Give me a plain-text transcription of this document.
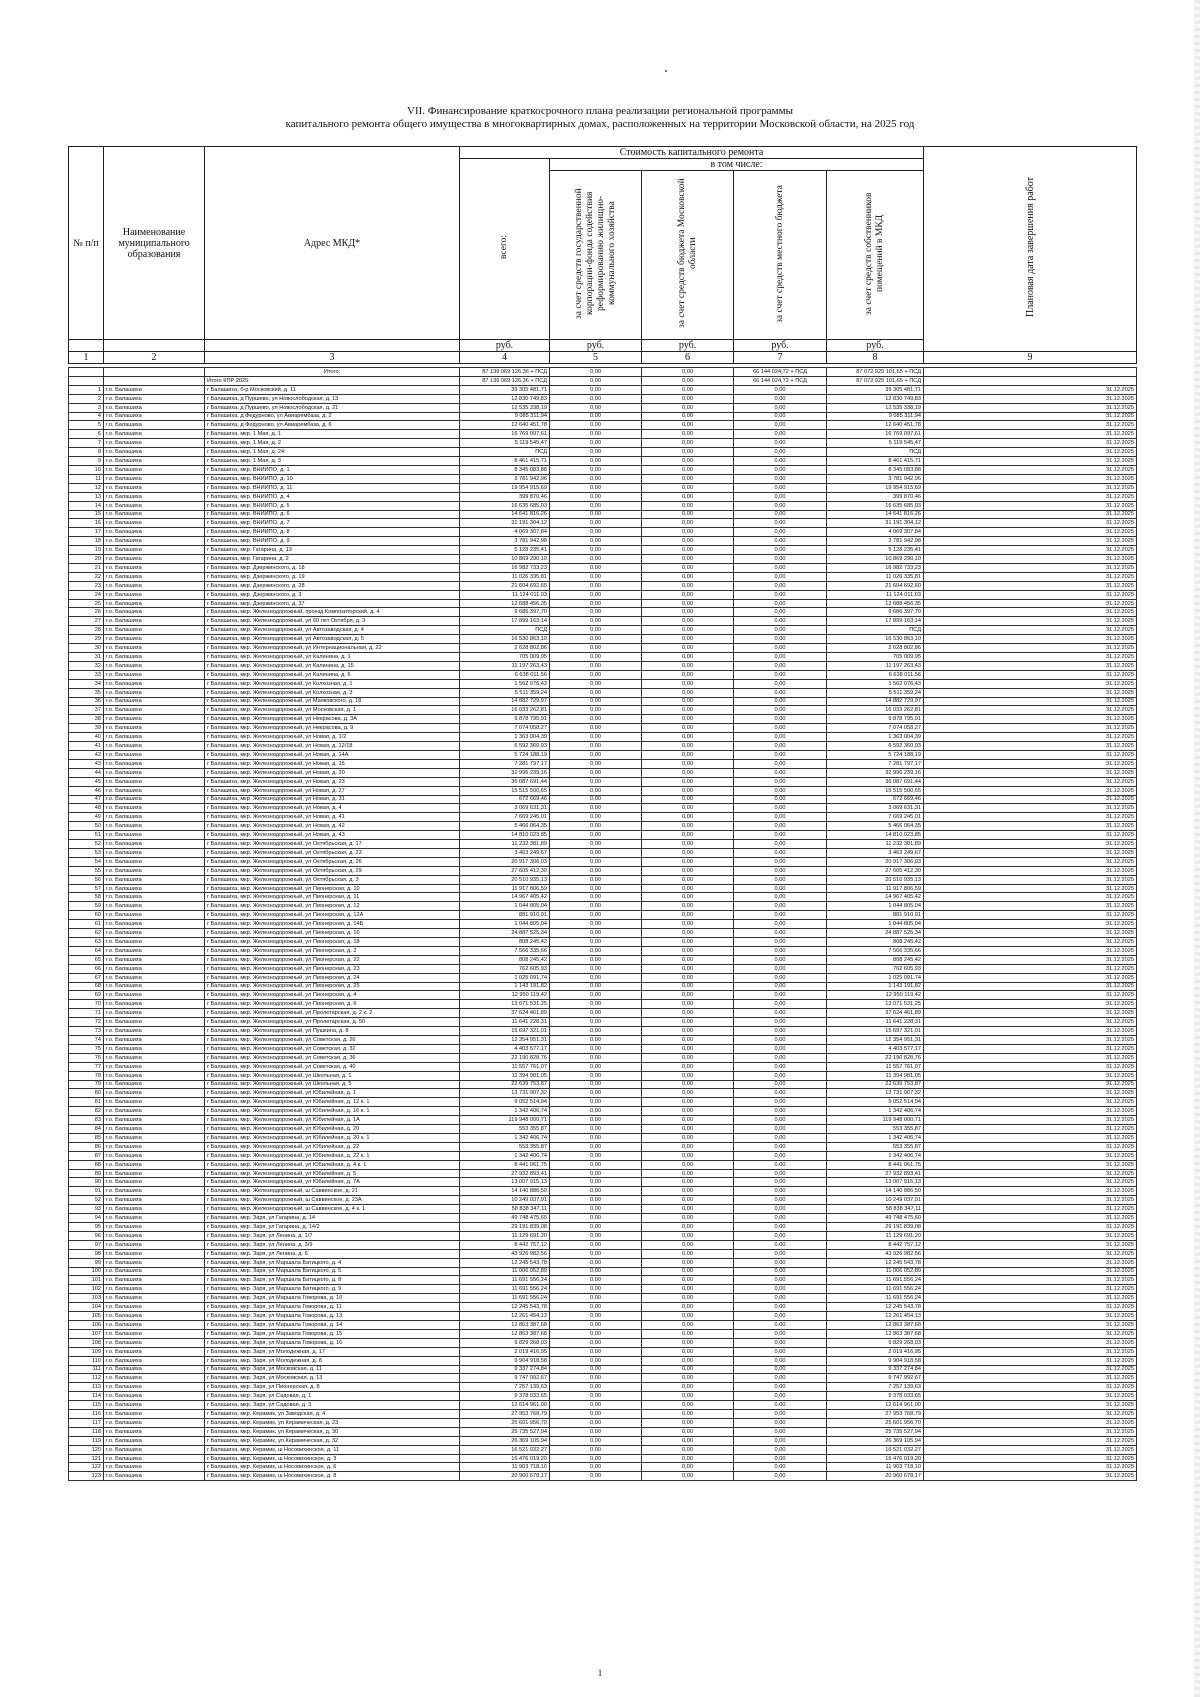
VII. Финансирование краткосрочного плана реализации региональной программы
капитального ремонта общего имущества в многоквартирных домах, расположенных на территории Московской области, на 2025 год
№ п/п	Наименование муниципального образования	Адрес МКД*	Стоимость капитального ремонта					Плановая дата завершения работ
			всего:	в том числе:				
				за счет средств государственной корпорации-фонда содействия реформированию жилищно-коммунального хозяйства	за счет средств бюджета Московской области	за счет средств местного бюджета	за счет средств собственников помещений в МКД	
			руб.	руб.	руб.	руб.	руб.	
1	2	3	4	5	6	7	8	9
		Итого:	87 139 069 126,36 + ПСД	0,00	0,00	66 144 024,72 + ПСД	87 072 925 101,65 + ПСД	
		Итого КПР 2025:	87 139 069 126,36 + ПСД	0,00	0,00	66 144 024,72 + ПСД	87 072 925 101,65 + ПСД	
1	г.о. Балашиха	г Балашиха, б-р Московский, д. 11	39 305 481,71	0,00	0,00	0,00	39 305 481,71	31.12.2025
2	г.о. Балашиха	г Балашиха, д Пуршево, ул Новослободская, д. 13	12 830 749,83	0,00	0,00	0,00	12 830 749,83	31.12.2025
3	г.о. Балашиха	г Балашиха, д Пуршево, ул Новослободская, д. 21	12 535 338,19	0,00	0,00	0,00	12 535 338,19	31.12.2025
4	г.о. Балашиха	г Балашиха, д Федурново, ул Авиарембаза, д. 2	9 085 311,94	0,00	0,00	0,00	9 085 311,94	31.12.2025
5	г.о. Балашиха	г Балашиха, д Федурново, ул Авиарембаза, д. 6	12 640 451,78	0,00	0,00	0,00	12 640 451,78	31.12.2025
6	г.о. Балашиха	г Балашиха, мкр. 1 Мая, д. 1	16 769 097,61	0,00	0,00	0,00	16 769 097,61	31.12.2025
7	г.о. Балашиха	г Балашиха, мкр. 1 Мая, д. 2	5 119 545,47	0,00	0,00	0,00	5 119 545,47	31.12.2025
8	г.о. Балашиха	г Балашиха, мкр. 1 Мая, д. 24	ПСД	0,00	0,00	0,00	ПСД	31.12.2025
9	г.о. Балашиха	г Балашиха, мкр. 1 Мая, д. 3	8 461 415,71	0,00	0,00	0,00	8 461 415,71	31.12.2025
10	г.о. Балашиха	г Балашиха, мкр. ВНИИПО, д. 1	8 345 083,88	0,00	0,00	0,00	8 345 083,88	31.12.2025
11	г.о. Балашиха	г Балашиха, мкр. ВНИИПО, д. 10	3 781 942,96	0,00	0,00	0,00	3 781 942,96	31.12.2025
12	г.о. Балашиха	г Балашиха, мкр. ВНИИПО, д. 11	19 954 915,69	0,00	0,00	0,00	19 954 915,69	31.12.2025
13	г.о. Балашиха	г Балашиха, мкр. ВНИИПО, д. 4	399 870,46	0,00	0,00	0,00	399 870,46	31.12.2025
14	г.о. Балашиха	г Балашиха, мкр. ВНИИПО, д. 5	16 635 685,03	0,00	0,00	0,00	16 635 685,03	31.12.2025
15	г.о. Балашиха	г Балашиха, мкр. ВНИИПО, д. 6	14 641 816,26	0,00	0,00	0,00	14 641 816,26	31.12.2025
16	г.о. Балашиха	г Балашиха, мкр. ВНИИПО, д. 7	31 191 304,12	0,00	0,00	0,00	31 191 304,12	31.12.2025
17	г.о. Балашиха	г Балашиха, мкр. ВНИИПО, д. 8	4 069 307,84	0,00	0,00	0,00	4 069 307,84	31.12.2025
18	г.о. Балашиха	г Балашиха, мкр. ВНИИПО, д. 9	3 781 942,98	0,00	0,00	0,00	3 781 942,98	31.12.2025
19	г.о. Балашиха	г Балашиха, мкр. Гагарина, д. 13	5 128 235,41	0,00	0,00	0,00	5 128 235,41	31.12.2025
20	г.о. Балашиха	г Балашиха, мкр. Гагарина, д. 2	10 869 290,10	0,00	0,00	0,00	10 869 290,10	31.12.2025
21	г.о. Балашиха	г Балашиха, мкр. Дзержинского, д. 18	16 982 733,23	0,00	0,00	0,00	16 982 733,23	31.12.2025
22	г.о. Балашиха	г Балашиха, мкр. Дзержинского, д. 19	11 026 335,81	0,00	0,00	0,00	11 026 335,81	31.12.2025
23	г.о. Балашиха	г Балашиха, мкр. Дзержинского, д. 28	21 604 692,60	0,00	0,00	0,00	21 604 692,60	31.12.2025
24	г.о. Балашиха	г Балашиха, мкр. Дзержинского, д. 3	11 124 011,03	0,00	0,00	0,00	11 124 011,03	31.12.2025
25	г.о. Балашиха	г Балашиха, мкр. Дзержинского, д. 37	12 688 456,35	0,00	0,00	0,00	12 688 456,35	31.12.2025
26	г.о. Балашиха	г Балашиха, мкр. Железнодорожный, проезд Композиторский, д. 4	9 686 397,70	0,00	0,00	0,00	9 686 397,70	31.12.2025
27	г.о. Балашиха	г Балашиха, мкр. Железнодорожный, ул 60 лет Октября, д. 3	17 899 163,14	0,00	0,00	0,00	17 899 163,14	31.12.2025
28	г.о. Балашиха	г Балашиха, мкр. Железнодорожный, ул Автозаводская, д. 4	ПСД	0,00	0,00	0,00	ПСД	31.12.2025
29	г.о. Балашиха	г Балашиха, мкр. Железнодорожный, ул Автозаводская, д. 5	16 530 863,10	0,00	0,00	0,00	16 530 863,10	31.12.2025
30	г.о. Балашиха	г Балашиха, мкр. Железнодорожный, ул Интернациональная, д. 22	2 628 802,86	0,00	0,00	0,00	2 628 802,86	31.12.2025
31	г.о. Балашиха	г Балашиха, мкр. Железнодорожный, ул Калинина, д. 1	705 009,95	0,00	0,00	0,00	705 009,95	31.12.2025
32	г.о. Балашиха	г Балашиха, мкр. Железнодорожный, ул Калинина, д. 15	11 197 263,43	0,00	0,00	0,00	11 197 263,43	31.12.2025
33	г.о. Балашиха	г Балашиха, мкр. Железнодорожный, ул Калинина, д. 6	6 638 011,56	0,00	0,00	0,00	6 638 011,56	31.12.2025
34	г.о. Балашиха	г Балашиха, мкр. Железнодорожный, ул Колхозная, д. 1	1 562 076,43	0,00	0,00	0,00	1 562 076,43	31.12.2025
35	г.о. Балашиха	г Балашиха, мкр. Железнодорожный, ул Колхозная, д. 3	5 511 359,24	0,00	0,00	0,00	5 511 359,24	31.12.2025
36	г.о. Балашиха	г Балашиха, мкр. Железнодорожный, ул Маяковского, д. 18	14 882 729,97	0,00	0,00	0,00	14 882 729,97	31.12.2025
37	г.о. Балашиха	г Балашиха, мкр. Железнодорожный, ул Московская, д. 1	16 033 262,81	0,00	0,00	0,00	16 033 262,81	31.12.2025
38	г.о. Балашиха	г Балашиха, мкр. Железнодорожный, ул Некрасова, д. 3А	9 878 795,91	0,00	0,00	0,00	9 878 795,91	31.12.2025
39	г.о. Балашиха	г Балашиха, мкр. Железнодорожный, ул Некрасова, д. 9	7 074 058,27	0,00	0,00	0,00	7 074 058,27	31.12.2025
40	г.о. Балашиха	г Балашиха, мкр. Железнодорожный, ул Новая, д. 1/2	1 363 004,39	0,00	0,00	0,00	1 363 004,39	31.12.2025
41	г.о. Балашиха	г Балашиха, мкр. Железнодорожный, ул Новая, д. 12/18	6 592 360,93	0,00	0,00	0,00	6 592 360,93	31.12.2025
42	г.о. Балашиха	г Балашиха, мкр. Железнодорожный, ул Новая, д. 14А	5 724 188,19	0,00	0,00	0,00	5 724 188,19	31.12.2025
43	г.о. Балашиха	г Балашиха, мкр. Железнодорожный, ул Новая, д. 15	7 281 797,17	0,00	0,00	0,00	7 281 797,17	31.12.2025
44	г.о. Балашиха	г Балашиха, мкр. Железнодорожный, ул Новая, д. 20	32 996 239,16	0,00	0,00	0,00	32 996 239,16	31.12.2025
45	г.о. Балашиха	г Балашиха, мкр. Железнодорожный, ул Новая, д. 23	36 087 691,44	0,00	0,00	0,00	36 087 691,44	31.12.2025
46	г.о. Балашиха	г Балашиха, мкр. Железнодорожный, ул Новая, д. 27	15 515 500,65	0,00	0,00	0,00	15 515 500,65	31.12.2025
47	г.о. Балашиха	г Балашиха, мкр. Железнодорожный, ул Новая, д. 31	672 669,46	0,00	0,00	0,00	672 669,46	31.12.2025
48	г.о. Балашиха	г Балашиха, мкр. Железнодорожный, ул Новая, д. 4	3 069 631,31	0,00	0,00	0,00	3 069 631,31	31.12.2025
49	г.о. Балашиха	г Балашиха, мкр. Железнодорожный, ул Новая, д. 41	7 669 245,01	0,00	0,00	0,00	7 669 245,01	31.12.2025
50	г.о. Балашиха	г Балашиха, мкр. Железнодорожный, ул Новая, д. 42	5 466 064,35	0,00	0,00	0,00	5 466 064,35	31.12.2025
51	г.о. Балашиха	г Балашиха, мкр. Железнодорожный, ул Новая, д. 43	14 810 023,85	0,00	0,00	0,00	14 810 023,85	31.12.2025
52	г.о. Балашиха	г Балашиха, мкр. Железнодорожный, ул Октябрьская, д. 17	11 232 381,89	0,00	0,00	0,00	11 232 381,89	31.12.2025
53	г.о. Балашиха	г Балашиха, мкр. Железнодорожный, ул Октябрьская, д. 23	3 463 249,67	0,00	0,00	0,00	3 463 249,67	31.12.2025
54	г.о. Балашиха	г Балашиха, мкр. Железнодорожный, ул Октябрьская, д. 26	20 917 306,03	0,00	0,00	0,00	20 917 306,03	31.12.2025
55	г.о. Балашиха	г Балашиха, мкр. Железнодорожный, ул Октябрьская, д. 29	27 605 412,30	0,00	0,00	0,00	27 605 412,30	31.12.2025
56	г.о. Балашиха	г Балашиха, мкр. Железнодорожный, ул Октябрьская, д. 3	20 510 935,13	0,00	0,00	0,00	20 510 935,13	31.12.2025
57	г.о. Балашиха	г Балашиха, мкр. Железнодорожный, ул Пионерская, д. 10	11 917 806,59	0,00	0,00	0,00	11 917 806,59	31.12.2025
58	г.о. Балашиха	г Балашиха, мкр. Железнодорожный, ул Пионерская, д. 11	14 967 405,42	0,00	0,00	0,00	14 967 405,42	31.12.2025
59	г.о. Балашиха	г Балашиха, мкр. Железнодорожный, ул Пионерская, д. 12	1 044 805,04	0,00	0,00	0,00	1 044 805,04	31.12.2025
60	г.о. Балашиха	г Балашиха, мкр. Железнодорожный, ул Пионерская, д. 12А	881 910,91	0,00	0,00	0,00	881 910,91	31.12.2025
61	г.о. Балашиха	г Балашиха, мкр. Железнодорожный, ул Пионерская, д. 14Б	1 044 805,04	0,00	0,00	0,00	1 044 805,04	31.12.2025
62	г.о. Балашиха	г Балашиха, мкр. Железнодорожный, ул Пионерская, д. 16	24 887 525,34	0,00	0,00	0,00	24 887 525,34	31.12.2025
63	г.о. Балашиха	г Балашиха, мкр. Железнодорожный, ул Пионерская, д. 18	808 245,42	0,00	0,00	0,00	808 245,42	31.12.2025
64	г.о. Балашиха	г Балашиха, мкр. Железнодорожный, ул Пионерская, д. 2	7 566 335,66	0,00	0,00	0,00	7 566 335,66	31.12.2025
65	г.о. Балашиха	г Балашиха, мкр. Железнодорожный, ул Пионерская, д. 22	808 245,42	0,00	0,00	0,00	808 245,42	31.12.2025
66	г.о. Балашиха	г Балашиха, мкр. Железнодорожный, ул Пионерская, д. 23	762 605,93	0,00	0,00	0,00	762 605,93	31.12.2025
67	г.о. Балашиха	г Балашиха, мкр. Железнодорожный, ул Пионерская, д. 24	1 025 091,74	0,00	0,00	0,00	1 025 091,74	31.12.2025
68	г.о. Балашиха	г Балашиха, мкр. Железнодорожный, ул Пионерская, д. 25	1 143 191,82	0,00	0,00	0,00	1 143 191,82	31.12.2025
69	г.о. Балашиха	г Балашиха, мкр. Железнодорожный, ул Пионерская, д. 4	12 950 119,42	0,00	0,00	0,00	12 950 119,42	31.12.2025
70	г.о. Балашиха	г Балашиха, мкр. Железнодорожный, ул Пионерская, д. 6	13 071 531,25	0,00	0,00	0,00	13 071 531,25	31.12.2025
71	г.о. Балашиха	г Балашиха, мкр. Железнодорожный, ул Пролетарская, д. 2 к. 2	37 624 461,89	0,00	0,00	0,00	37 624 461,89	31.12.2025
72	г.о. Балашиха	г Балашиха, мкр. Железнодорожный, ул Пролетарская, д. 50	11 641 228,31	0,00	0,00	0,00	11 641 228,31	31.12.2025
73	г.о. Балашиха	г Балашиха, мкр. Железнодорожный, ул Пушкина, д. 8	15 697 321,01	0,00	0,00	0,00	15 697 321,01	31.12.2025
74	г.о. Балашиха	г Балашиха, мкр. Железнодорожный, ул Советская, д. 26	12 354 951,31	0,00	0,00	0,00	12 354 951,31	31.12.2025
75	г.о. Балашиха	г Балашиха, мкр. Железнодорожный, ул Советская, д. 32	4 403 577,17	0,00	0,00	0,00	4 403 577,17	31.12.2025
76	г.о. Балашиха	г Балашиха, мкр. Железнодорожный, ул Советская, д. 36	22 190 828,76	0,00	0,00	0,00	22 190 828,76	31.12.2025
77	г.о. Балашиха	г Балашиха, мкр. Железнодорожный, ул Советская, д. 40	11 557 761,07	0,00	0,00	0,00	11 557 761,07	31.12.2025
78	г.о. Балашиха	г Балашиха, мкр. Железнодорожный, ул Школьная, д. 1	11 394 981,05	0,00	0,00	0,00	11 394 981,05	31.12.2025
79	г.о. Балашиха	г Балашиха, мкр. Железнодорожный, ул Школьная, д. 5	22 639 753,87	0,00	0,00	0,00	22 639 753,87	31.12.2025
80	г.о. Балашиха	г Балашиха, мкр. Железнодорожный, ул Юбилейная, д. 1	13 731 907,32	0,00	0,00	0,00	13 731 907,32	31.12.2025
81	г.о. Балашиха	г Балашиха, мкр. Железнодорожный, ул Юбилейная, д. 12 к. 1	9 052 514,94	0,00	0,00	0,00	9 052 514,94	31.12.2025
82	г.о. Балашиха	г Балашиха, мкр. Железнодорожный, ул Юбилейная, д. 16 к. 1	1 342 406,74	0,00	0,00	0,00	1 342 406,74	31.12.2025
83	г.о. Балашиха	г Балашиха, мкр. Железнодорожный, ул Юбилейная, д. 1А	119 948 000,71	0,00	0,00	0,00	119 948 000,71	31.12.2025
84	г.о. Балашиха	г Балашиха, мкр. Железнодорожный, ул Юбилейная, д. 20	553 355,87	0,00	0,00	0,00	553 355,87	31.12.2025
85	г.о. Балашиха	г Балашиха, мкр. Железнодорожный, ул Юбилейная, д. 20 к. 1	1 342 406,74	0,00	0,00	0,00	1 342 406,74	31.12.2025
86	г.о. Балашиха	г Балашиха, мкр. Железнодорожный, ул Юбилейная, д. 22	553 355,87	0,00	0,00	0,00	553 355,87	31.12.2025
87	г.о. Балашиха	г Балашиха, мкр. Железнодорожный, ул Юбилейная, д. 22 к. 1	1 342 406,74	0,00	0,00	0,00	1 342 406,74	31.12.2025
88	г.о. Балашиха	г Балашиха, мкр. Железнодорожный, ул Юбилейная, д. 4 к. 1	8 441 061,75	0,00	0,00	0,00	8 441 061,75	31.12.2025
89	г.о. Балашиха	г Балашиха, мкр. Железнодорожный, ул Юбилейная, д. 5	27 932 893,41	0,00	0,00	0,00	27 932 893,41	31.12.2025
90	г.о. Балашиха	г Балашиха, мкр. Железнодорожный, ул Юбилейная, д. 7А	13 007 915,13	0,00	0,00	0,00	13 007 915,13	31.12.2025
91	г.о. Балашиха	г Балашиха, мкр. Железнодорожный, ш Саввинское, д. 21	14 140 886,50	0,00	0,00	0,00	14 140 886,50	31.12.2025
92	г.о. Балашиха	г Балашиха, мкр. Железнодорожный, ш Саввинское, д. 23А	10 249 037,91	0,00	0,00	0,00	10 249 037,91	31.12.2025
93	г.о. Балашиха	г Балашиха, мкр. Железнодорожный, ш Саввинское, д. 4 к. 1	58 838 347,11	0,00	0,00	0,00	58 838 347,11	31.12.2025
94	г.о. Балашиха	г Балашиха, мкр. Заря, ул Гагарина, д. 14	49 748 475,60	0,00	0,00	0,00	49 748 475,60	31.12.2025
95	г.о. Балашиха	г Балашиха, мкр. Заря, ул Гагарина, д. 14/2	29 191 839,08	0,00	0,00	0,00	29 191 839,08	31.12.2025
96	г.о. Балашиха	г Балашиха, мкр. Заря, ул Ленина, д. 1/7	11 129 691,20	0,00	0,00	0,00	11 129 691,20	31.12.2025
97	г.о. Балашиха	г Балашиха, мкр. Заря, ул Ленина, д. 3/9	8 442 757,12	0,00	0,00	0,00	8 442 757,12	31.12.2025
98	г.о. Балашиха	г Балашиха, мкр. Заря, ул Ленина, д. 6	43 926 982,56	0,00	0,00	0,00	43 926 982,56	31.12.2025
99	г.о. Балашиха	г Балашиха, мкр. Заря, ул Маршала Батицкого, д. 4	12 245 543,78	0,00	0,00	0,00	12 245 543,78	31.12.2025
100	г.о. Балашиха	г Балашиха, мкр. Заря, ул Маршала Батицкого, д. 5	11 006 052,89	0,00	0,00	0,00	11 006 052,89	31.12.2025
101	г.о. Балашиха	г Балашиха, мкр. Заря, ул Маршала Батицкого, д. 8	11 691 556,24	0,00	0,00	0,00	11 691 556,24	31.12.2025
102	г.о. Балашиха	г Балашиха, мкр. Заря, ул Маршала Батицкого, д. 9	11 691 556,24	0,00	0,00	0,00	11 691 556,24	31.12.2025
103	г.о. Балашиха	г Балашиха, мкр. Заря, ул Маршала Говорова, д. 10	11 691 556,24	0,00	0,00	0,00	11 691 556,24	31.12.2025
104	г.о. Балашиха	г Балашиха, мкр. Заря, ул Маршала Говорова, д. 11	12 245 543,78	0,00	0,00	0,00	12 245 543,78	31.12.2025
105	г.о. Балашиха	г Балашиха, мкр. Заря, ул Маршала Говорова, д. 13	12 261 454,13	0,00	0,00	0,00	12 261 454,13	31.12.2025
106	г.о. Балашиха	г Балашиха, мкр. Заря, ул Маршала Говорова, д. 14	12 863 387,68	0,00	0,00	0,00	12 863 387,68	31.12.2025
107	г.о. Балашиха	г Балашиха, мкр. Заря, ул Маршала Говорова, д. 15	12 863 387,68	0,00	0,00	0,00	12 863 387,68	31.12.2025
108	г.о. Балашиха	г Балашиха, мкр. Заря, ул Маршала Говорова, д. 16	9 829 268,03	0,00	0,00	0,00	9 829 268,03	31.12.2025
109	г.о. Балашиха	г Балашиха, мкр. Заря, ул Молодежная, д. 17	2 019 416,95	0,00	0,00	0,00	2 019 416,95	31.12.2025
110	г.о. Балашиха	г Балашиха, мкр. Заря, ул Молодежная, д. 8	9 904 918,58	0,00	0,00	0,00	9 904 918,58	31.12.2025
111	г.о. Балашиха	г Балашиха, мкр. Заря, ул Московская, д. 11	9 337 274,84	0,00	0,00	0,00	9 337 274,84	31.12.2025
112	г.о. Балашиха	г Балашиха, мкр. Заря, ул Московская, д. 13	9 747 992,67	0,00	0,00	0,00	9 747 992,67	31.12.2025
113	г.о. Балашиха	г Балашиха, мкр. Заря, ул Пионерская, д. 8	7 257 139,63	0,00	0,00	0,00	7 257 139,63	31.12.2025
114	г.о. Балашиха	г Балашиха, мкр. Заря, ул Садовая, д. 1	9 378 033,65	0,00	0,00	0,00	9 378 033,65	31.12.2025
115	г.о. Балашиха	г Балашиха, мкр. Заря, ул Садовая, д. 3	12 614 961,00	0,00	0,00	0,00	12 614 961,00	31.12.2025
116	г.о. Балашиха	г Балашиха, мкр. Керамик, ул Заводская, д. 4	27 953 768,79	0,00	0,00	0,00	27 953 768,79	31.12.2025
117	г.о. Балашиха	г Балашиха, мкр. Керамик, ул Керамическая, д. 23	25 601 956,70	0,00	0,00	0,00	25 601 956,70	31.12.2025
118	г.о. Балашиха	г Балашиха, мкр. Керамик, ул Керамическая, д. 30	25 735 527,94	0,00	0,00	0,00	25 735 527,94	31.12.2025
119	г.о. Балашиха	г Балашиха, мкр. Керамик, ул Керамическая, д. 32	26 369 105,94	0,00	0,00	0,00	26 369 105,94	31.12.2025
120	г.о. Балашиха	г Балашиха, мкр. Керамик, ш Носовихинское, д. 11	16 521 032,27	0,00	0,00	0,00	16 521 032,27	31.12.2025
121	г.о. Балашиха	г Балашиха, мкр. Керамик, ш Носовихинское, д. 3	16 476 019,20	0,00	0,00	0,00	16 476 019,20	31.12.2025
122	г.о. Балашиха	г Балашиха, мкр. Керамик, ш Носовихинское, д. 6	11 903 718,10	0,00	0,00	0,00	11 903 718,10	31.12.2025
123	г.о. Балашиха	г Балашиха, мкр. Керамик, ш Носовихинское, д. 8	20 960 678,17	0,00	0,00	0,00	20 960 678,17	31.12.2025
1
